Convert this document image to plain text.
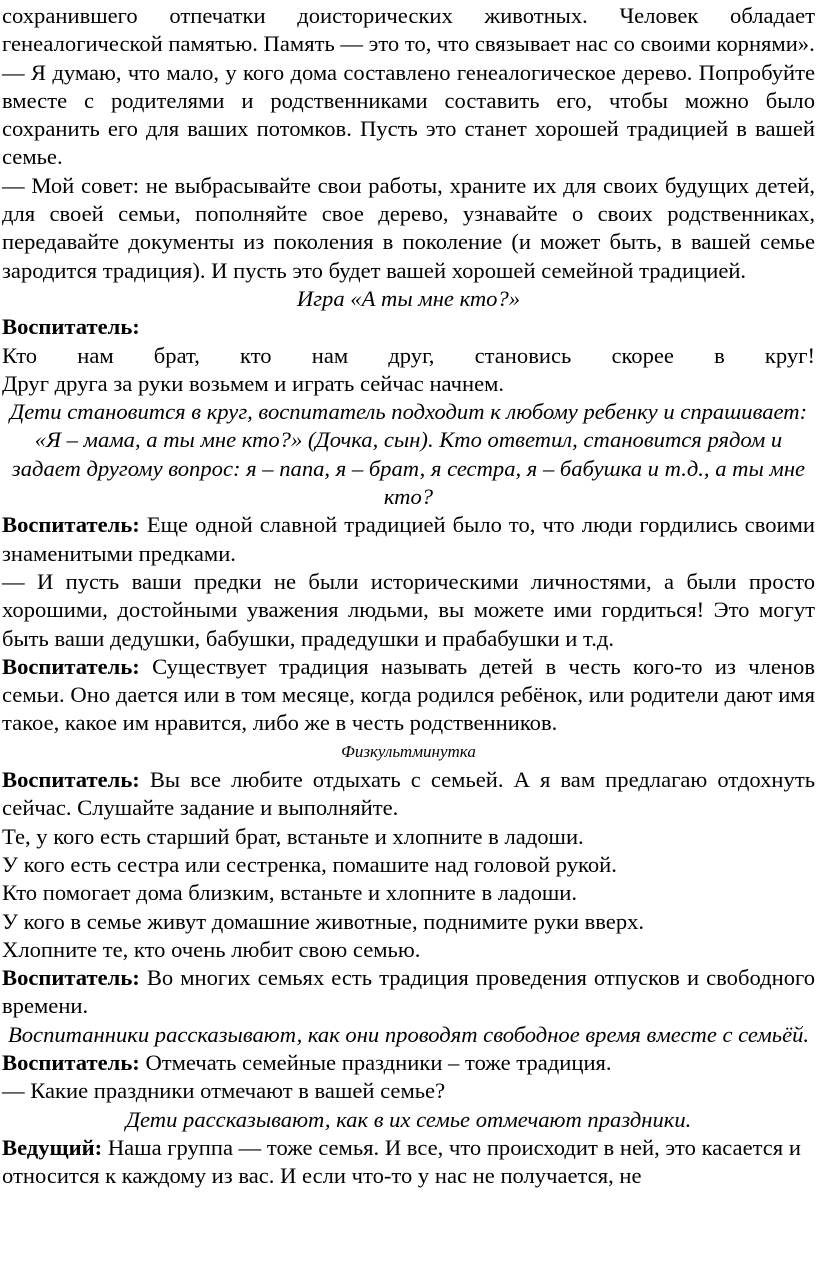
сохранившего отпечатки доисторических животных. Человек обладает генеалогической памятью. Память — это то, что связывает нас со своими корнями».

— Я думаю, что мало, у кого дома составлено генеалогическое дерево. Попробуйте вместе с родителями и родственниками составить его, чтобы можно было сохранить его для ваших потомков. Пусть это станет хорошей традицией в вашей семье.

— Мой совет: не выбрасывайте свои работы, храните их для своих будущих детей, для своей семьи, пополняйте свое дерево, узнавайте о своих родственниках, передавайте документы из поколения в поколение (и может быть, в вашей семье зародится традиция). И пусть это будет вашей хорошей семейной традицией.

Игра «А ты мне кто?»

Воспитатель:

Кто нам брат, кто нам друг, становись скорее в круг!

Друг друга за руки возьмем и играть сейчас начнем.

Дети становится в круг, воспитатель подходит к любому ребенку и спрашивает: «Я – мама, а ты мне кто?» (Дочка, сын). Кто ответил, становится рядом и задает другому вопрос: я – папа, я – брат, я сестра, я – бабушка и т.д., а ты мне кто?

Воспитатель: Еще одной славной традицией было то, что люди гордились своими знаменитыми предками.

— И пусть ваши предки не были историческими личностями, а были просто хорошими, достойными уважения людьми, вы можете ими гордиться! Это могут быть ваши дедушки, бабушки, прадедушки и прабабушки и т.д.

Воспитатель: Существует традиция называть детей в честь кого-то из членов семьи. Оно дается или в том месяце, когда родился ребёнок, или родители дают имя такое, какое им нравится, либо же в честь родственников.

Физкультминутка

Воспитатель: Вы все любите отдыхать с семьей. А я вам предлагаю отдохнуть сейчас. Слушайте задание и выполняйте.

Те, у кого есть старший брат, встаньте и хлопните в ладоши.

У кого есть сестра или сестренка, помашите над головой рукой.

Кто помогает дома близким, встаньте и хлопните в ладоши.

У кого в семье живут домашние животные, поднимите руки вверх.

Хлопните те, кто очень любит свою семью.

Воспитатель: Во многих семьях есть традиция проведения отпусков и свободного времени.

Воспитанники рассказывают, как они проводят свободное время вместе с семьёй.

Воспитатель: Отмечать семейные праздники – тоже традиция.

— Какие праздники отмечают в вашей семье?

Дети рассказывают, как в их семье отмечают праздники.

Ведущий: Наша группа — тоже семья. И все, что происходит в ней, это касается и относится к каждому из вас. И если что-то у нас не получается, не
